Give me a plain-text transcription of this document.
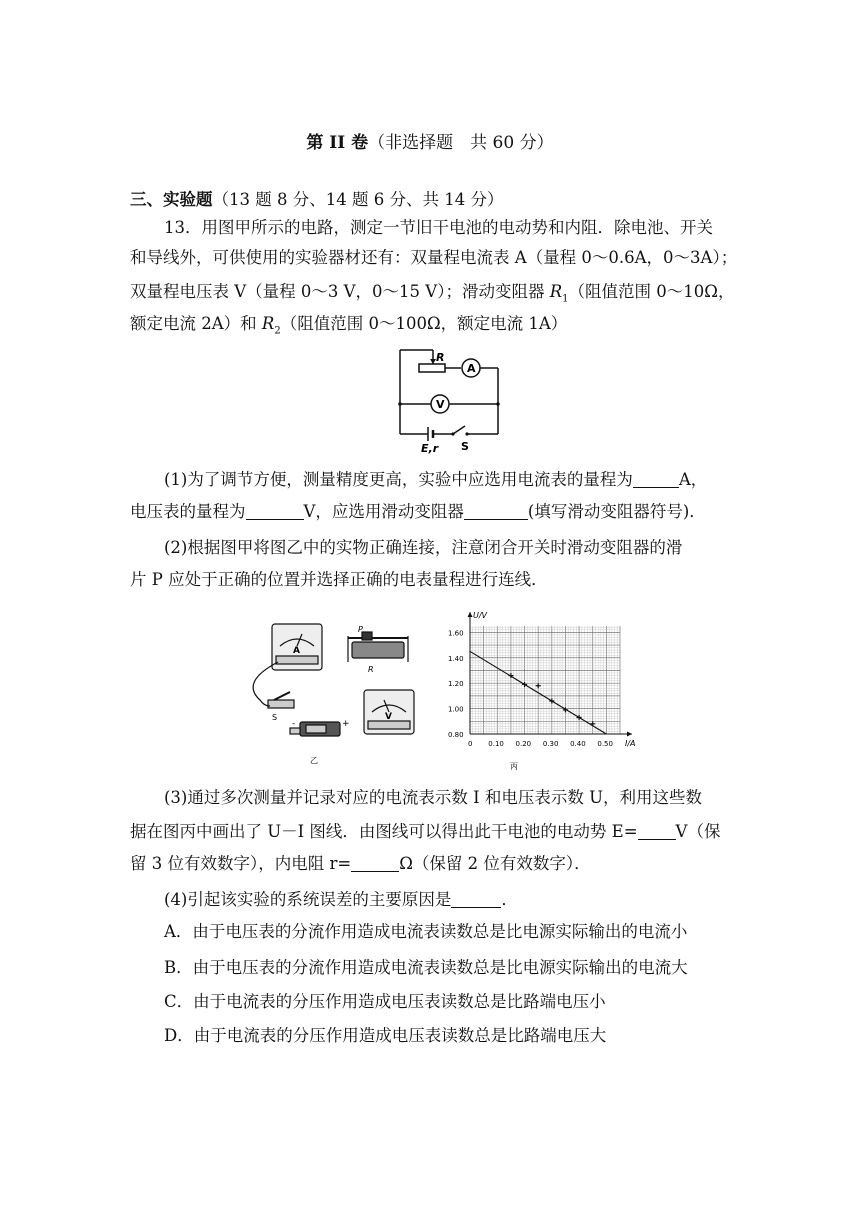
第 II 卷（非选择题　共 60 分）
三、实验题（13 题 8 分、14 题 6 分、共 14 分）
13．用图甲所示的电路，测定一节旧干电池的电动势和内阻．除电池、开关
和导线外，可供使用的实验器材还有：双量程电流表 A（量程 0～0.6A，0～3A）；
双量程电压表 V（量程 0～3 V，0～15 V）；滑动变阻器 $R_1$（阻值范围 0～10Ω，
额定电流 2A）和 $R_2$（阻值范围 0～100Ω，额定电流 1A）
R
A
V
E,r S
(1)为了调节方便，测量精度更高，实验中应选用电流表的量程为	A，
电压表的量程为	V，应选用滑动变阻器	(填写滑动变阻器符号)．
(2)根据图甲将图乙中的实物正确连接，注意闭合开关时滑动变阻器的滑
片 P 应处于正确的位置并选择正确的电表量程进行连线．
A
V
P
R
S
+
-
乙
U/V
I/A
0 0.10 0.20 0.30 0.40 0.50
0.80
1.00
1.20
1.40
1.60
丙
(3)通过多次测量并记录对应的电流表示数 I 和电压表示数 U，利用这些数
据在图丙中画出了 U－I 图线．由图线可以得出此干电池的电动势 E= V（保
留 3 位有效数字），内电阻 r=	Ω（保留 2 位有效数字）．
(4)引起该实验的系统误差的主要原因是	．
A．由于电压表的分流作用造成电流表读数总是比电源实际输出的电流小
B．由于电压表的分流作用造成电流表读数总是比电源实际输出的电流大
C．由于电流表的分压作用造成电压表读数总是比路端电压小
D．由于电流表的分压作用造成电压表读数总是比路端电压大
